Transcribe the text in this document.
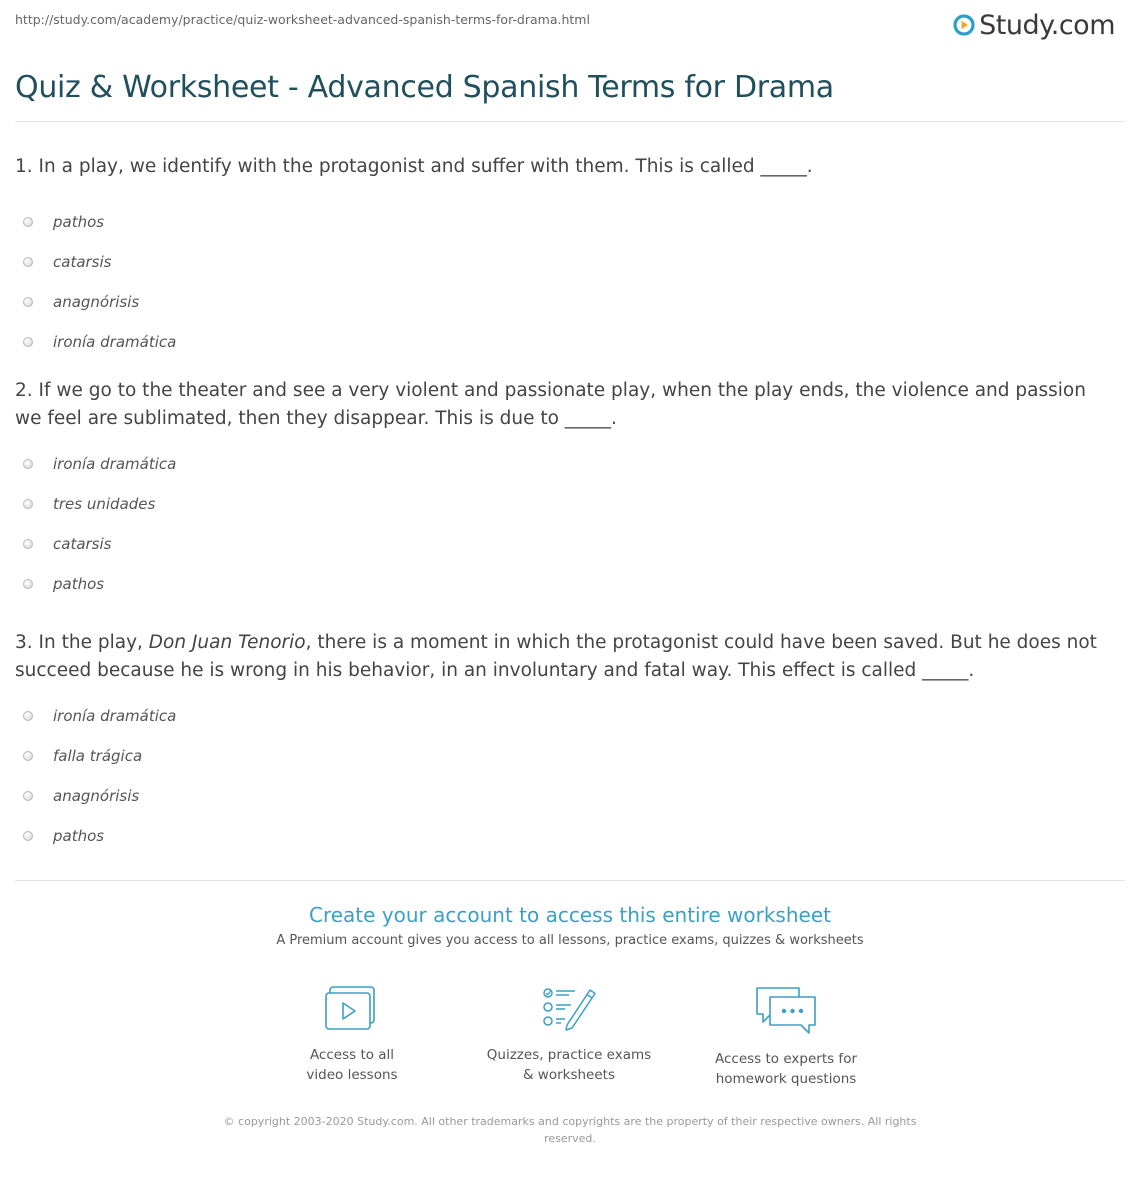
http://study.com/academy/practice/quiz-worksheet-advanced-spanish-terms-for-drama.html	Study.com
Quiz & Worksheet - Advanced Spanish Terms for Drama

1. In a play, we identify with the protagonist and suffer with them. This is called _____.

pathos
catarsis
anagnórisis
ironía dramática

2. If we go to the theater and see a very violent and passionate play, when the play ends, the violence and passion we feel are sublimated, then they disappear. This is due to _____.

ironía dramática
tres unidades
catarsis
pathos

3. In the play, Don Juan Tenorio, there is a moment in which the protagonist could have been saved. But he does not succeed because he is wrong in his behavior, in an involuntary and fatal way. This effect is called _____.

ironía dramática
falla trágica
anagnórisis
pathos

Create your account to access this entire worksheet

A Premium account gives you access to all lessons, practice exams, quizzes & worksheets
Access to all
video lessons
Quizzes, practice exams
& worksheets
Access to experts for
homework questions
© copyright 2003-2020 Study.com. All other trademarks and copyrights are the property of their respective owners. All rights reserved.
